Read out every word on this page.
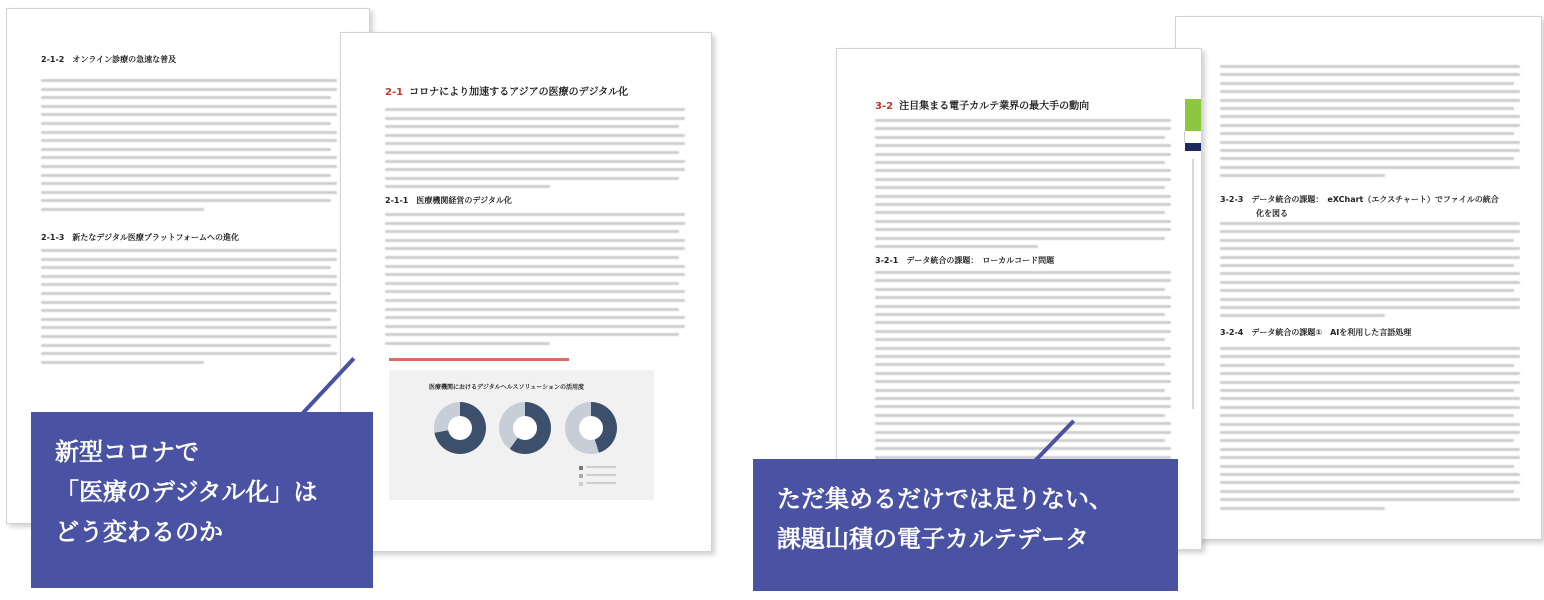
2-1-2　オンライン診療の急速な普及
2-1-3　新たなデジタル医療プラットフォームへの進化
2-1 コロナにより加速するアジアの医療のデジタル化
2-1-1　医療機関経営のデジタル化
医療機関におけるデジタルヘルスソリューションの活用度
新型コロナで
「医療のデジタル化」は
どう変わるのか
3-2-3　データ統合の課題：　eXChart（エクスチャート）でファイルの統合
化を図る
3-2-4　データ統合の課題①　AIを利用した言語処理
3-2 注目集まる電子カルテ業界の最大手の動向
3-2-1　データ統合の課題：　ローカルコード問題
ただ集めるだけでは足りない、
課題山積の電子カルテデータ
